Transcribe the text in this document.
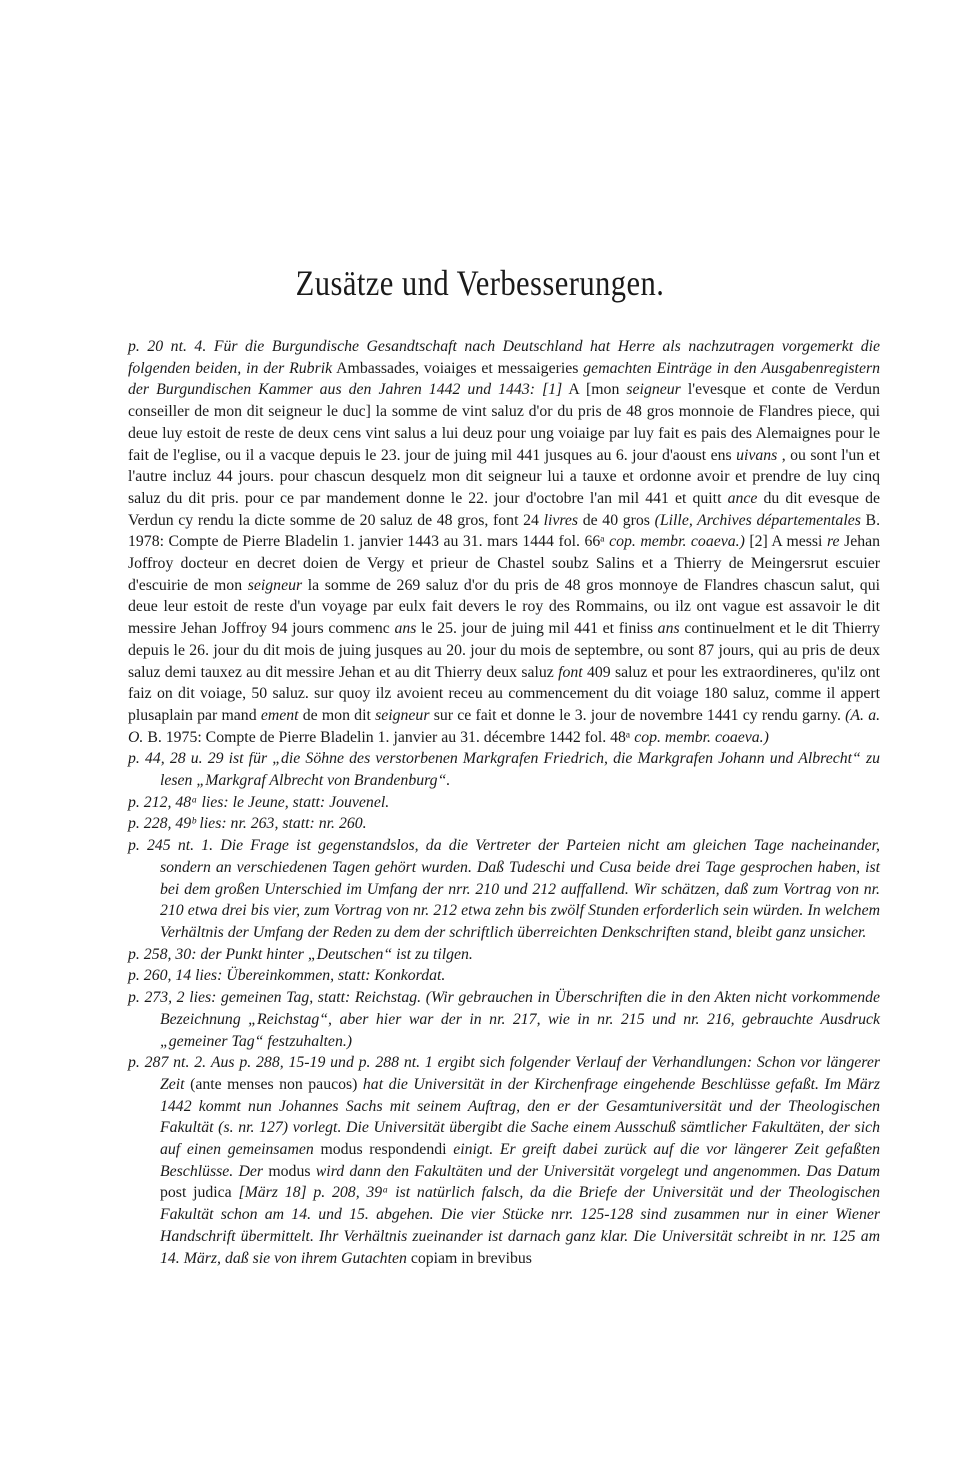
Zusätze und Verbesserungen.

p. 20 nt. 4. Für die Burgundische Gesandtschaft nach Deutschland hat Herre als nachzutragen vorgemerkt die folgenden beiden, in der Rubrik Ambassades, voiaiges et messaigeries gemachten Einträge in den Ausgabenregistern der Burgundischen Kammer aus den Jahren 1442 und 1443: [1] A [mon seigneur l'evesque et conte de Verdun conseiller de mon dit seigneur le duc] la somme de vint saluz d'or du pris de 48 gros monnoie de Flandres piece, qui deue luy estoit de reste de deux cens vint salus a lui deuz pour ung voiaige par luy fait es pais des Alemaignes pour le fait de l'eglise, ou il a vacque depuis le 23. jour de juing mil 441 jusques au 6. jour d'aoust ens uivans , ou sont l'un et l'autre incluz 44 jours. pour chascun desquelz mon dit seigneur lui a tauxe et ordonne avoir et prendre de luy cinq saluz du dit pris. pour ce par mandement donne le 22. jour d'octobre l'an mil 441 et quitt ance du dit evesque de Verdun cy rendu la dicte somme de 20 saluz de 48 gros, font 24 livres de 40 gros (Lille, Archives départementales B. 1978: Compte de Pierre Bladelin 1. janvier 1443 au 31. mars 1444 fol. 66ᵃ cop. membr. coaeva.) [2] A messi re Jehan Joffroy docteur en decret doien de Vergy et prieur de Chastel soubz Salins et a Thierry de Meingersrut escuier d'escuirie de mon seigneur la somme de 269 saluz d'or du pris de 48 gros monnoye de Flandres chascun salut, qui deue leur estoit de reste d'un voyage par eulx fait devers le roy des Rommains, ou ilz ont vague est assavoir le dit messire Jehan Joffroy 94 jours commenc ans le 25. jour de juing mil 441 et finiss ans continuelment et le dit Thierry depuis le 26. jour du dit mois de juing jusques au 20. jour du mois de septembre, ou sont 87 jours, qui au pris de deux saluz demi tauxez au dit messire Jehan et au dit Thierry deux saluz font 409 saluz et pour les extraordineres, qu'ilz ont faiz on dit voiage, 50 saluz. sur quoy ilz avoient receu au commencement du dit voiage 180 saluz, comme il appert plusaplain par mand ement de mon dit seigneur sur ce fait et donne le 3. jour de novembre 1441 cy rendu garny. (A. a. O. B. 1975: Compte de Pierre Bladelin 1. janvier au 31. décembre 1442 fol. 48ᵃ cop. membr. coaeva.)

p. 44, 28 u. 29 ist für „die Söhne des verstorbenen Markgrafen Friedrich, die Markgrafen Johann und Albrecht“ zu lesen „Markgraf Albrecht von Brandenburg“.

p. 212, 48ᵃ lies: le Jeune, statt: Jouvenel.

p. 228, 49ᵇ lies: nr. 263, statt: nr. 260.

p. 245 nt. 1. Die Frage ist gegenstandslos, da die Vertreter der Parteien nicht am gleichen Tage nacheinander, sondern an verschiedenen Tagen gehört wurden. Daß Tudeschi und Cusa beide drei Tage gesprochen haben, ist bei dem großen Unterschied im Umfang der nrr. 210 und 212 auffallend. Wir schätzen, daß zum Vortrag von nr. 210 etwa drei bis vier, zum Vortrag von nr. 212 etwa zehn bis zwölf Stunden erforderlich sein würden. In welchem Verhältnis der Umfang der Reden zu dem der schriftlich überreichten Denkschriften stand, bleibt ganz unsicher.

p. 258, 30: der Punkt hinter „Deutschen“ ist zu tilgen.

p. 260, 14 lies: Übereinkommen, statt: Konkordat.

p. 273, 2 lies: gemeinen Tag, statt: Reichstag. (Wir gebrauchen in Überschriften die in den Akten nicht vorkommende Bezeichnung „Reichstag“, aber hier war der in nr. 217, wie in nr. 215 und nr. 216, gebrauchte Ausdruck „gemeiner Tag“ festzuhalten.)

p. 287 nt. 2. Aus p. 288, 15-19 und p. 288 nt. 1 ergibt sich folgender Verlauf der Verhandlungen: Schon vor längerer Zeit (ante menses non paucos) hat die Universität in der Kirchenfrage eingehende Beschlüsse gefaßt. Im März 1442 kommt nun Johannes Sachs mit seinem Auftrag, den er der Gesamtuniversität und der Theologischen Fakultät (s. nr. 127) vorlegt. Die Universität übergibt die Sache einem Ausschuß sämtlicher Fakultäten, der sich auf einen gemeinsamen modus respondendi einigt. Er greift dabei zurück auf die vor längerer Zeit gefaßten Beschlüsse. Der modus wird dann den Fakultäten und der Universität vorgelegt und angenommen. Das Datum post judica [März 18] p. 208, 39ᵃ ist natürlich falsch, da die Briefe der Universität und der Theologischen Fakultät schon am 14. und 15. abgehen. Die vier Stücke nrr. 125-128 sind zusammen nur in einer Wiener Handschrift übermittelt. Ihr Verhältnis zueinander ist darnach ganz klar. Die Universität schreibt in nr. 125 am 14. März, daß sie von ihrem Gutachten copiam in brevibus
